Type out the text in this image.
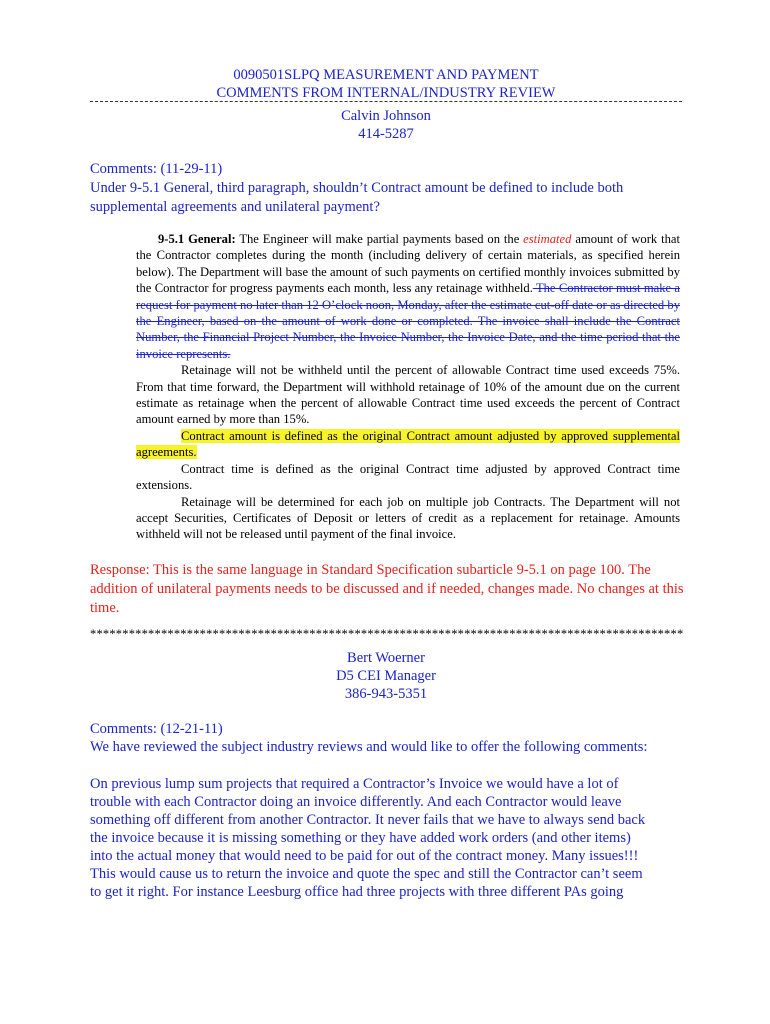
0090501SLPQ MEASUREMENT AND PAYMENT
COMMENTS FROM INTERNAL/INDUSTRY REVIEW
Calvin Johnson
414-5287
Comments: (11-29-11)
Under 9-5.1 General, third paragraph, shouldn’t Contract amount be defined to include both supplemental agreements and unilateral payment?

9-5.1 General: The Engineer will make partial payments based on the estimated amount of work that the Contractor completes during the month (including delivery of certain materials, as specified herein below). The Department will base the amount of such payments on certified monthly invoices submitted by the Contractor for progress payments each month, less any retainage withheld. The Contractor must make a request for payment no later than 12 O’clock noon, Monday, after the estimate cut-off date or as directed by the Engineer, based on the amount of work done or completed. The invoice shall include the Contract Number, the Financial Project Number, the Invoice Number, the Invoice Date, and the time period that the invoice represents.

Retainage will not be withheld until the percent of allowable Contract time used exceeds 75%. From that time forward, the Department will withhold retainage of 10% of the amount due on the current estimate as retainage when the percent of allowable Contract time used exceeds the percent of Contract amount earned by more than 15%.

Contract amount is defined as the original Contract amount adjusted by approved supplemental agreements.

Contract time is defined as the original Contract time adjusted by approved Contract time extensions.

Retainage will be determined for each job on multiple job Contracts. The Department will not accept Securities, Certificates of Deposit or letters of credit as a replacement for retainage. Amounts withheld will not be released until payment of the final invoice.

Response: This is the same language in Standard Specification subarticle 9-5.1 on page 100. The addition of unilateral payments needs to be discussed and if needed, changes made. No changes at this time.
********************************************************************************************
Bert Woerner
D5 CEI Manager
386-943-5351
Comments: (12-21-11)
We have reviewed the subject industry reviews and would like to offer the following comments:
On previous lump sum projects that required a Contractor’s Invoice we would have a lot of
trouble with each Contractor doing an invoice differently. And each Contractor would leave
something off different from another Contractor. It never fails that we have to always send back
the invoice because it is missing something or they have added work orders (and other items)
into the actual money that would need to be paid for out of the contract money. Many issues!!!
This would cause us to return the invoice and quote the spec and still the Contractor can’t seem
to get it right. For instance Leesburg office had three projects with three different PAs going
